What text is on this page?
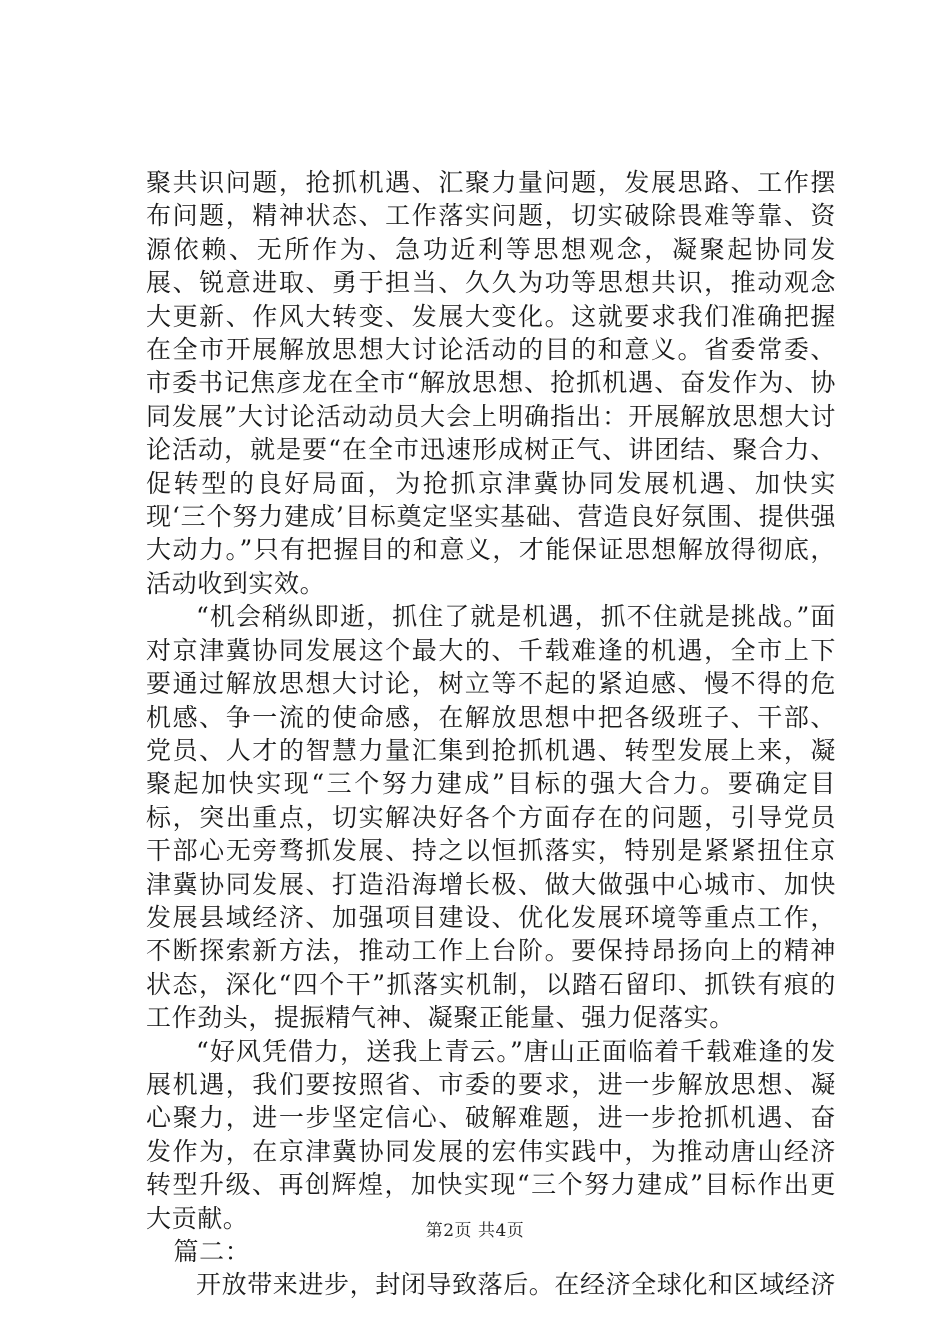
聚共识问题，抢抓机遇、汇聚力量问题，发展思路、工作摆布问题，精神状态、工作落实问题，切实破除畏难等靠、资源依赖、无所作为、急功近利等思想观念，凝聚起协同发展、锐意进取、勇于担当、久久为功等思想共识，推动观念大更新、作风大转变、发展大变化。这就要求我们准确把握在全市开展解放思想大讨论活动的目的和意义。省委常委、市委书记焦彦龙在全市“解放思想、抢抓机遇、奋发作为、协同发展”大讨论活动动员大会上明确指出：开展解放思想大讨论活动，就是要“在全市迅速形成树正气、讲团结、聚合力、促转型的良好局面，为抢抓京津冀协同发展机遇、加快实现‘三个努力建成’目标奠定坚实基础、营造良好氛围、提供强大动力。”只有把握目的和意义，才能保证思想解放得彻底，活动收到实效。

“机会稍纵即逝，抓住了就是机遇，抓不住就是挑战。”面对京津冀协同发展这个最大的、千载难逢的机遇，全市上下要通过解放思想大讨论，树立等不起的紧迫感、慢不得的危机感、争一流的使命感，在解放思想中把各级班子、干部、党员、人才的智慧力量汇集到抢抓机遇、转型发展上来，凝聚起加快实现“三个努力建成”目标的强大合力。要确定目标，突出重点，切实解决好各个方面存在的问题，引导党员干部心无旁骛抓发展、持之以恒抓落实，特别是紧紧扭住京津冀协同发展、打造沿海增长极、做大做强中心城市、加快发展县域经济、加强项目建设、优化发展环境等重点工作，不断探索新方法，推动工作上台阶。要保持昂扬向上的精神状态，深化“四个干”抓落实机制，以踏石留印、抓铁有痕的工作劲头，提振精气神、凝聚正能量、强力促落实。

“好风凭借力，送我上青云。”唐山正面临着千载难逢的发展机遇，我们要按照省、市委的要求，进一步解放思想、凝心聚力，进一步坚定信心、破解难题，进一步抢抓机遇、奋发作为，在京津冀协同发展的宏伟实践中，为推动唐山经济转型升级、再创辉煌，加快实现“三个努力建成”目标作出更大贡献。

篇二：

开放带来进步，封闭导致落后。在经济全球化和区域经济

第2页 共4页
